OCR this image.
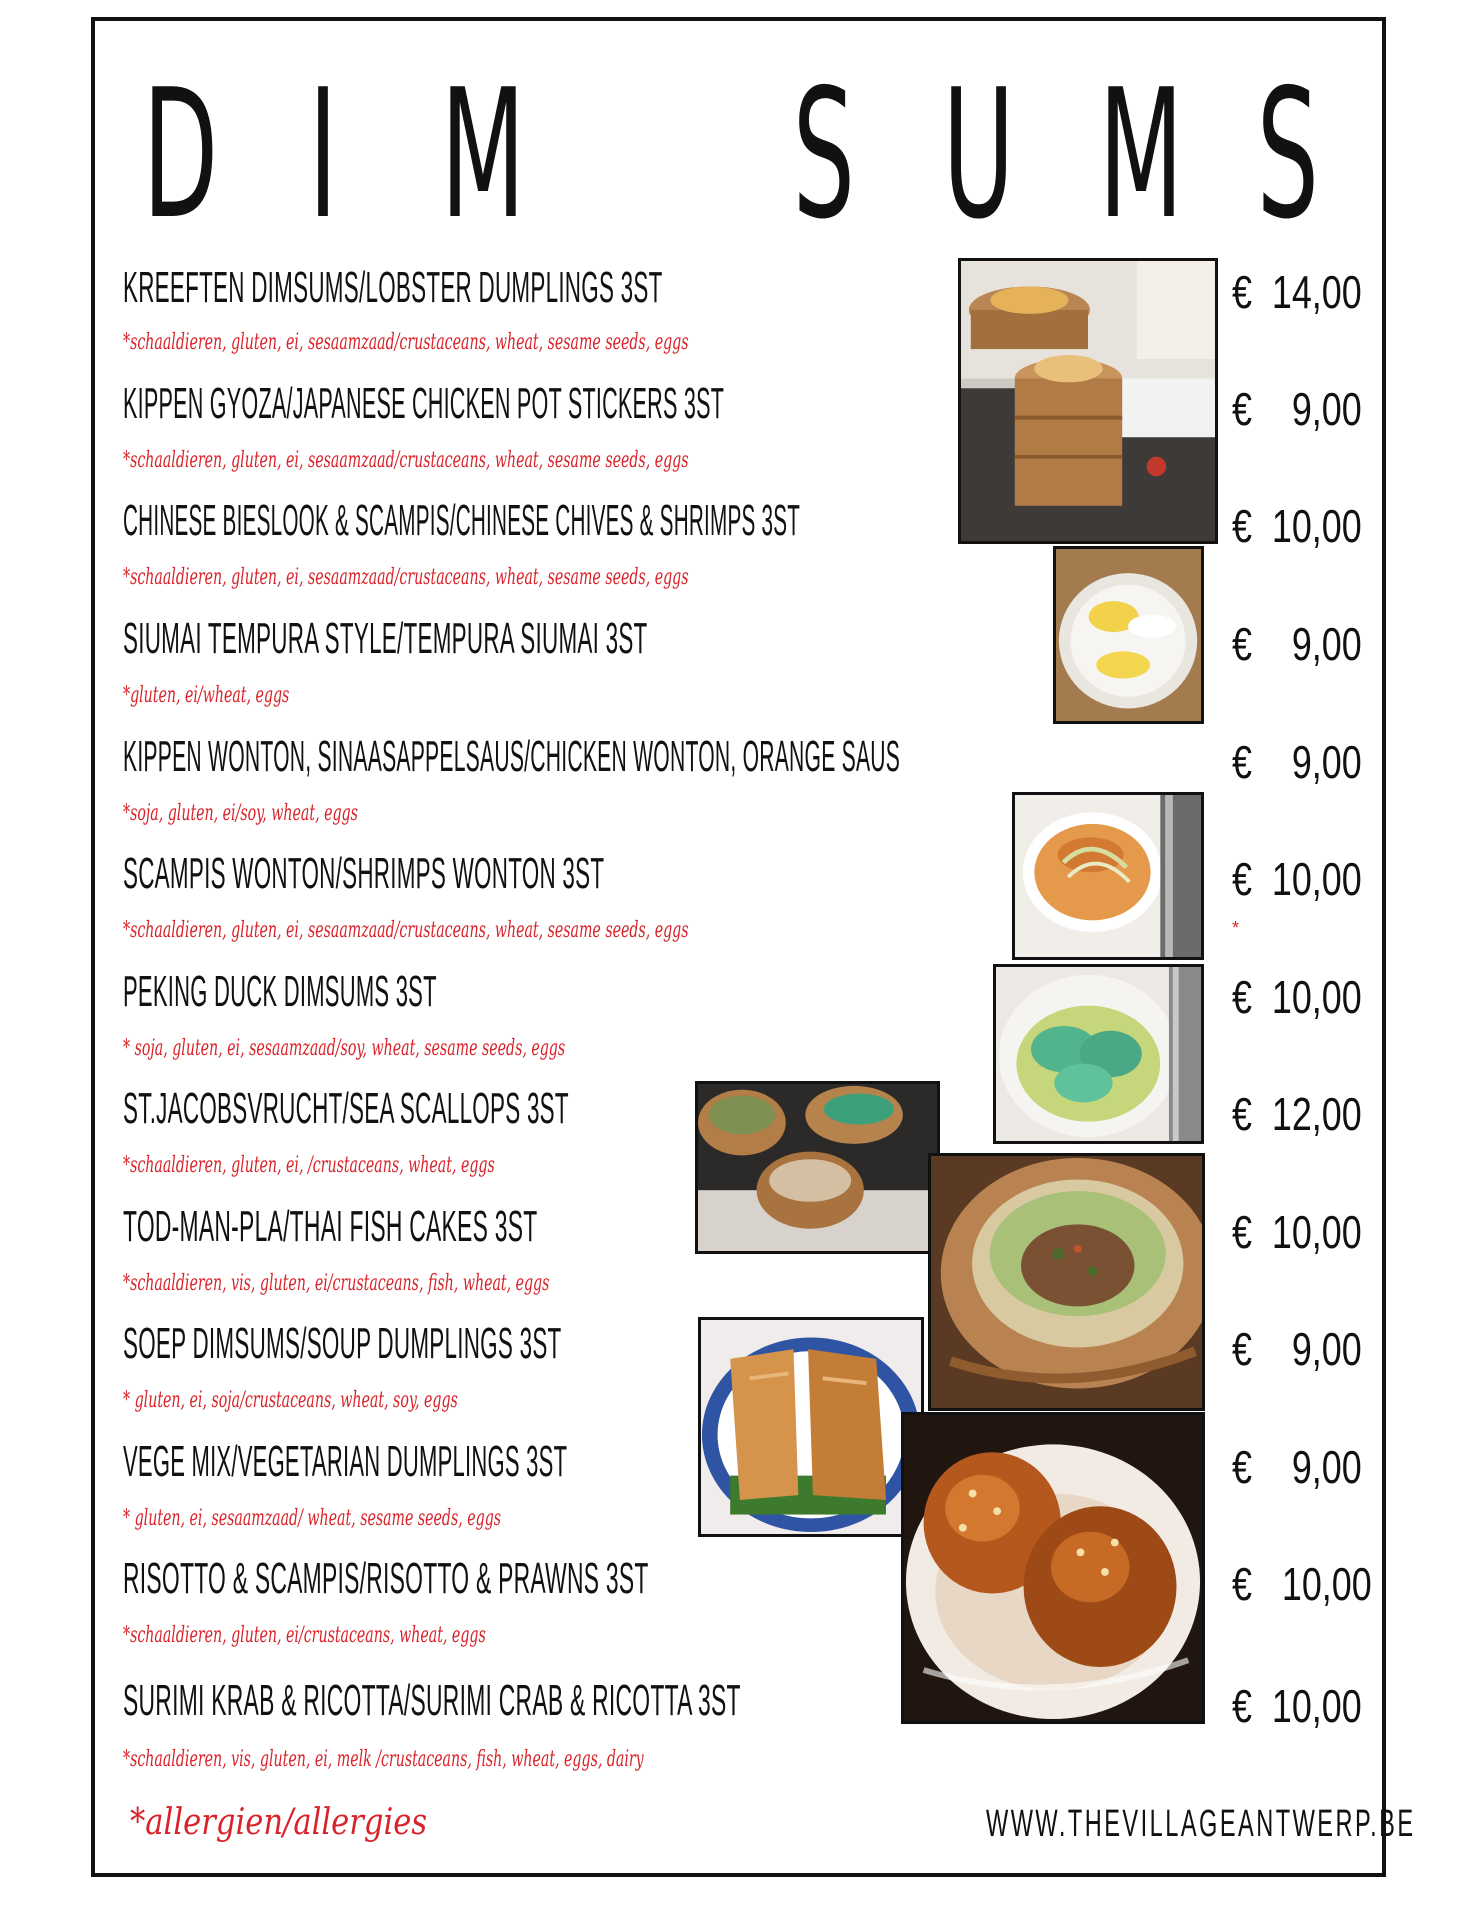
D I M S U M S
KREEFTEN DIMSUMS/LOBSTER DUMPLINGS 3ST
*schaaldieren, gluten, ei, sesaamzaad/crustaceans, wheat, sesame seeds, eggs
€  14,00
KIPPEN GYOZA/JAPANESE CHICKEN POT STICKERS 3ST
*schaaldieren, gluten, ei, sesaamzaad/crustaceans, wheat, sesame seeds, eggs
€    9,00
CHINESE BIESLOOK & SCAMPIS/CHINESE CHIVES & SHRIMPS 3ST
*schaaldieren, gluten, ei, sesaamzaad/crustaceans, wheat, sesame seeds, eggs
€  10,00
SIUMAI TEMPURA STYLE/TEMPURA SIUMAI 3ST
*gluten, ei/wheat, eggs
€    9,00
KIPPEN WONTON, SINAASAPPELSAUS/CHICKEN WONTON, ORANGE SAUS
*soja, gluten, ei/soy, wheat, eggs
€    9,00
SCAMPIS WONTON/SHRIMPS WONTON 3ST
*schaaldieren, gluten, ei, sesaamzaad/crustaceans, wheat, sesame seeds, eggs
€  10,00
*
PEKING DUCK DIMSUMS 3ST
* soja, gluten, ei, sesaamzaad/soy, wheat, sesame seeds, eggs
€  10,00
ST.JACOBSVRUCHT/SEA SCALLOPS 3ST
*schaaldieren, gluten, ei, /crustaceans, wheat, eggs
€  12,00
TOD-MAN-PLA/THAI FISH CAKES 3ST
*schaaldieren, vis, gluten, ei/crustaceans, fish, wheat, eggs
€  10,00
SOEP DIMSUMS/SOUP DUMPLINGS 3ST
* gluten, ei, soja/crustaceans, wheat, soy, eggs
€    9,00
VEGE MIX/VEGETARIAN DUMPLINGS 3ST
* gluten, ei, sesaamzaad/ wheat, sesame seeds, eggs
€    9,00
RISOTTO & SCAMPIS/RISOTTO & PRAWNS 3ST
*schaaldieren, gluten, ei/crustaceans, wheat, eggs
€   10,00
SURIMI KRAB & RICOTTA/SURIMI CRAB & RICOTTA 3ST
*schaaldieren, vis, gluten, ei, melk /crustaceans, fish, wheat, eggs, dairy
€  10,00
*allergien/allergies	WWW.THEVILLAGEANTWERP.BE
